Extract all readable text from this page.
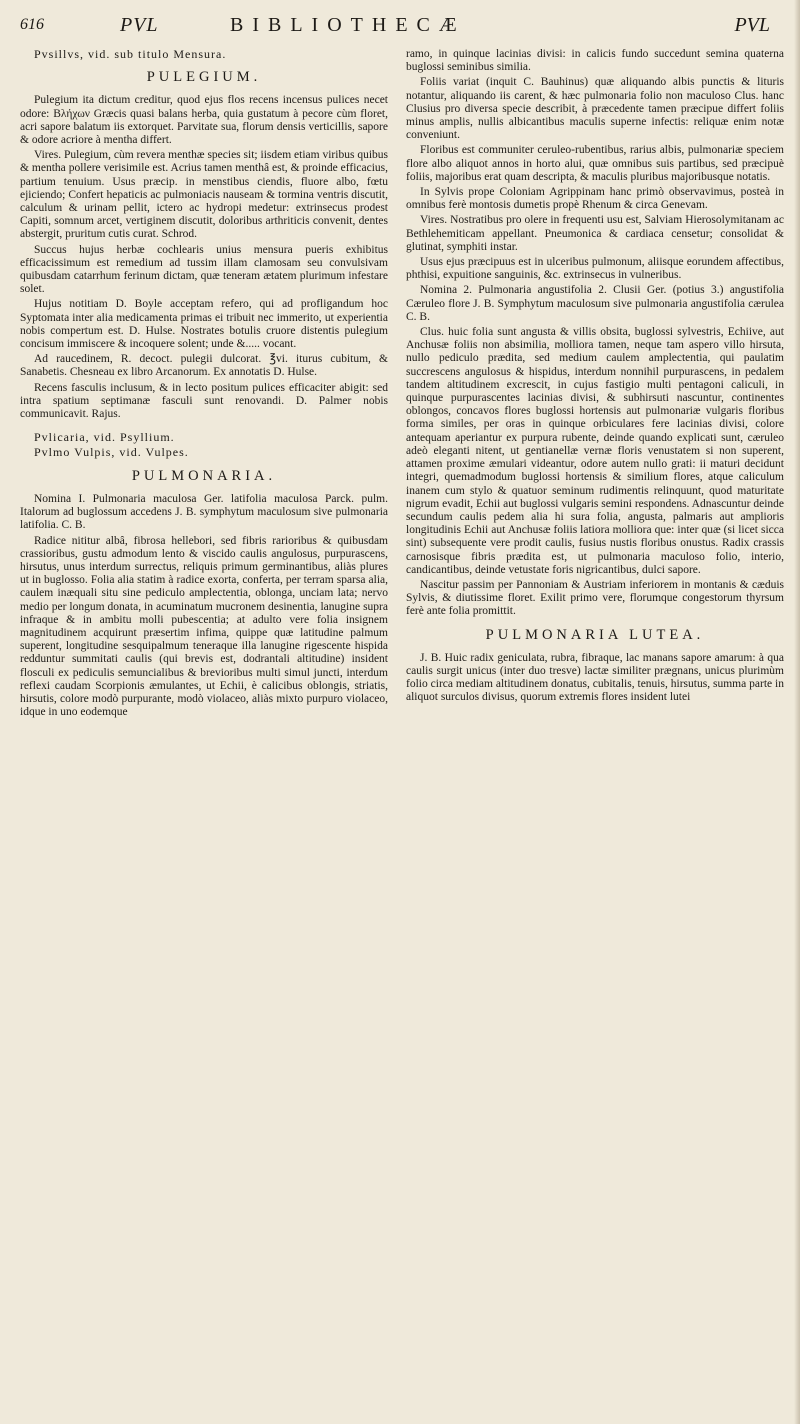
616	PVL	BIBLIOTHECÆ	PVL

Pvsillvs, vid. sub titulo Mensura.

PULEGIUM.

Pulegium ita dictum creditur, quod ejus flos recens incensus pulices necet odore: Βλήχων Græcis quasi balans herba, quia gustatum à pecore cùm floret, acri sapore balatum iis extorquet. Parvitate sua, florum densis verticillis, sapore & odore acriore à mentha differt.

Vires. Pulegium, cùm revera menthæ species sit; iisdem etiam viribus quibus & mentha pollere verisimile est. Acrius tamen menthâ est, & proinde efficacius, partium tenuium. Usus præcip. in menstibus ciendis, fluore albo, fœtu ejiciendo; Confert hepaticis ac pulmoniacis nauseam & tormina ventris discutit, calculum & urinam pellit, ictero ac hydropi medetur: extrinsecus prodest Capiti, somnum arcet, vertiginem discutit, doloribus arthriticis convenit, dentes abstergit, pruritum cutis curat. Schrod.

Succus hujus herbæ cochlearis unius mensura pueris exhibitus efficacissimum est remedium ad tussim illam clamosam seu convulsivam quibusdam catarrhum ferinum dictam, quæ teneram ætatem plurimum infestare solet.

Hujus notitiam D. Boyle acceptam refero, qui ad profligandum hoc Syptomata inter alia medicamenta primas ei tribuit nec immerito, ut experientia nobis compertum est. D. Hulse. Nostrates botulis cruore distentis pulegium concisum immiscere & incoquere solent; unde &..... vocant.

Ad raucedinem, R. decoct. pulegii dulcorat. ℥vi. iturus cubitum, & Sanabetis. Chesneau ex libro Arcanorum. Ex annotatis D. Hulse.

Recens fasculis inclusum, & in lecto positum pulices efficaciter abigit: sed intra spatium septimanæ fasculi sunt renovandi. D. Palmer nobis communicavit. Rajus.

Pvlicaria, vid. Psyllium.

Pvlmo Vulpis, vid. Vulpes.

PULMONARIA.

Nomina I. Pulmonaria maculosa Ger. latifolia maculosa Parck. pulm. Italorum ad buglossum accedens J. B. symphytum maculosum sive pulmonaria latifolia. C. B.

Radice nititur albâ, fibrosa hellebori, sed fibris rarioribus & quibusdam crassioribus, gustu admodum lento & viscido caulis angulosus, purpurascens, hirsutus, unus interdum surrectus, reliquis primum germinantibus, aliàs plures ut in buglosso. Folia alia statim à radice exorta, conferta, per terram sparsa alia, caulem inæquali situ sine pediculo amplectentia, oblonga, unciam lata; nervo medio per longum donata, in acuminatum mucronem desinentia, lanugine supra infraque & in ambitu molli pubescentia; at adulto vere folia insignem magnitudinem acquirunt præsertim infima, quippe quæ latitudine palmum superent, longitudine sesquipalmum teneraque illa lanugine rigescente hispida redduntur summitati caulis (qui brevis est, dodrantali altitudine) insident flosculi ex pediculis semuncialibus & brevioribus multi simul juncti, interdum reflexi caudam Scorpionis æmulantes, ut Echii, è calicibus oblongis, striatis, hirsutis, colore modò purpurante, modò violaceo, aliàs mixto purpuro violaceo, idque in uno eodemque

ramo, in quinque lacinias divisi: in calicis fundo succedunt semina quaterna buglossi seminibus similia.

Foliis variat (inquit C. Bauhinus) quæ aliquando albis punctis & lituris notantur, aliquando iis carent, & hæc pulmonaria folio non maculoso Clus. hanc Clusius pro diversa specie describit, à præcedente tamen præcipue differt foliis minus amplis, nullis albicantibus maculis superne infectis: reliquæ enim notæ conveniunt.

Floribus est communiter ceruleo-rubentibus, rarius albis, pulmonariæ speciem flore albo aliquot annos in horto alui, quæ omnibus suis partibus, sed præcipuè foliis, majoribus erat quam descripta, & maculis pluribus majoribusque notatis.

In Sylvis prope Coloniam Agrippinam hanc primò observavimus, posteà in omnibus ferè montosis dumetis propè Rhenum & circa Genevam.

Vires. Nostratibus pro olere in frequenti usu est, Salviam Hierosolymitanam ac Bethlehemiticam appellant. Pneumonica & cardiaca censetur; consolidat & glutinat, symphiti instar.

Usus ejus præcipuus est in ulceribus pulmonum, aliisque eorundem affectibus, phthisi, expuitione sanguinis, &c. extrinsecus in vulneribus.

Nomina 2. Pulmonaria angustifolia 2. Clusii Ger. (potius 3.) angustifolia Cæruleo flore J. B. Symphytum maculosum sive pulmonaria angustifolia cærulea C. B.

Clus. huic folia sunt angusta & villis obsita, buglossi sylvestris, Echiive, aut Anchusæ foliis non absimilia, molliora tamen, neque tam aspero villo hirsuta, nullo pediculo prædita, sed medium caulem amplectentia, qui paulatim succrescens angulosus & hispidus, interdum nonnihil purpurascens, in pedalem tandem altitudinem excrescit, in cujus fastigio multi pentagoni caliculi, in quinque purpurascentes lacinias divisi, & subhirsuti nascuntur, continentes oblongos, concavos flores buglossi hortensis aut pulmonariæ vulgaris floribus forma similes, per oras in quinque orbiculares fere lacinias divisi, colore antequam aperiantur ex purpura rubente, deinde quando explicati sunt, cæruleo adeò eleganti nitent, ut gentianellæ vernæ floris venustatem si non superent, attamen proxime æmulari videantur, odore autem nullo grati: ii maturi decidunt integri, quemadmodum buglossi hortensis & similium flores, atque caliculum inanem cum stylo & quatuor seminum rudimentis relinquunt, quod maturitate nigrum evadit, Echii aut buglossi vulgaris semini respondens. Adnascuntur deinde secundum caulis pedem alia hi sura folia, angusta, palmaris aut amplioris longitudinis Echii aut Anchusæ foliis latiora molliora que: inter quæ (si licet sicca sint) subsequente vere prodit caulis, fusius nustis floribus onustus. Radix crassis carnosisque fibris prædita est, ut pulmonaria maculoso folio, interio, candicantibus, deinde vetustate foris nigricantibus, dulci sapore.

Nascitur passim per Pannoniam & Austriam inferiorem in montanis & cæduis Sylvis, & diutissime floret. Exilit primo vere, florumque congestorum thyrsum ferè ante folia promittit.

PULMONARIA LUTEA.

J. B. Huic radix geniculata, rubra, fibraque, lac manans sapore amarum: à qua caulis surgit unicus (inter duo tresve) lactæ similiter prægnans, unicus plurimùm folio circa mediam altitudinem donatus, cubitalis, tenuis, hirsutus, summa parte in aliquot surculos divisus, quorum extremis flores insident lutei
